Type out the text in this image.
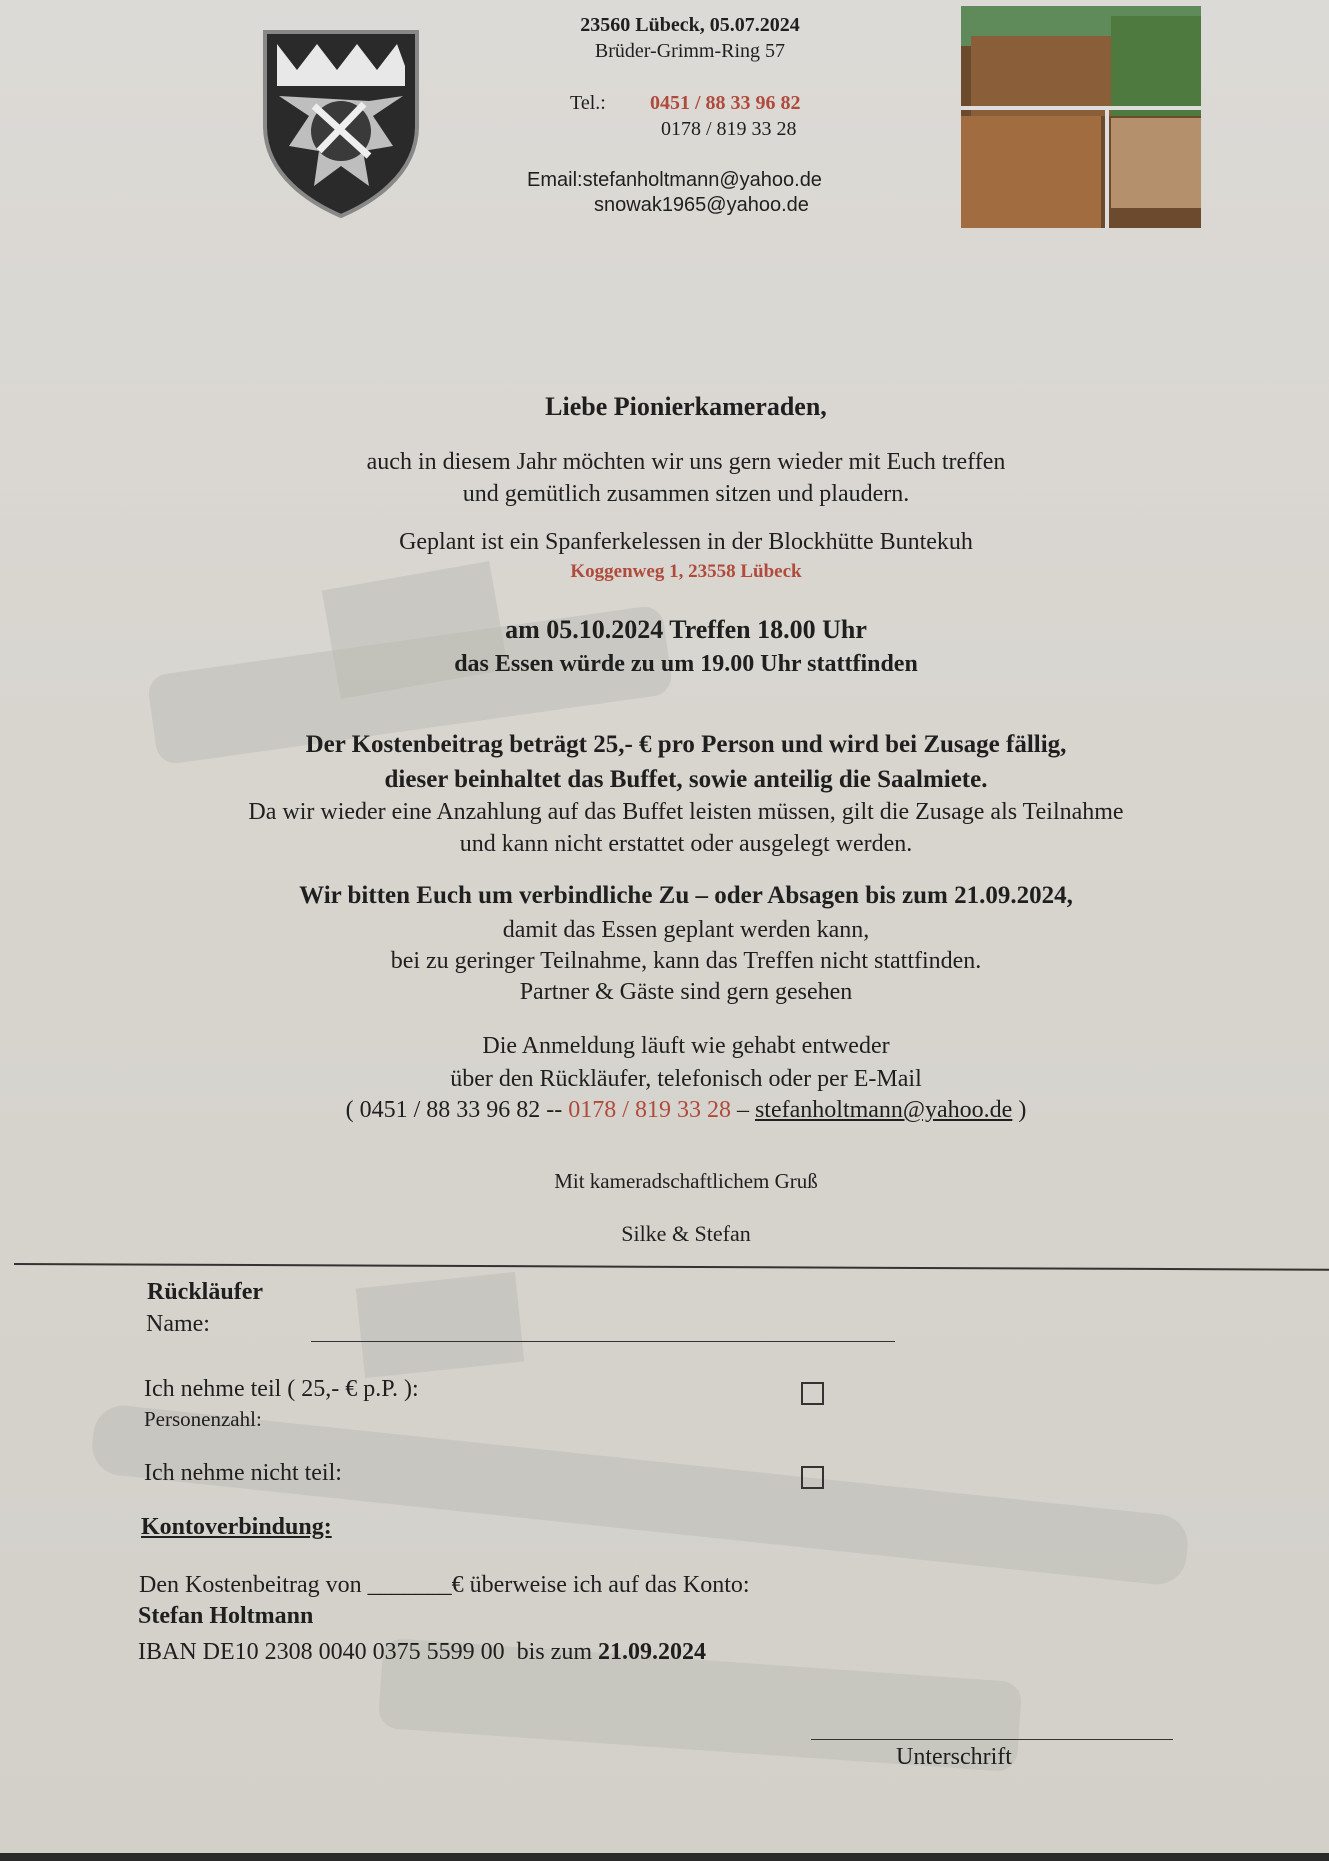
23560 Lübeck, 05.07.2024
Brüder-Grimm-Ring 57
Tel.: 0451 / 88 33 96 82
0178 / 819 33 28
Email:stefanholtmann@yahoo.de
snowak1965@yahoo.de
Liebe Pionierkameraden,
auch in diesem Jahr möchten wir uns gern wieder mit Euch treffen
und gemütlich zusammen sitzen und plaudern.
Geplant ist ein Spanferkelessen in der Blockhütte Buntekuh
Koggenweg 1, 23558 Lübeck
am 05.10.2024 Treffen 18.00 Uhr
das Essen würde zu um 19.00 Uhr stattfinden
Der Kostenbeitrag beträgt 25,- € pro Person und wird bei Zusage fällig,
dieser beinhaltet das Buffet, sowie anteilig die Saalmiete.
Da wir wieder eine Anzahlung auf das Buffet leisten müssen, gilt die Zusage als Teilnahme
und kann nicht erstattet oder ausgelegt werden.
Wir bitten Euch um verbindliche Zu – oder Absagen bis zum 21.09.2024,
damit das Essen geplant werden kann,
bei zu geringer Teilnahme, kann das Treffen nicht stattfinden.
Partner & Gäste sind gern gesehen
Die Anmeldung läuft wie gehabt entweder
über den Rückläufer, telefonisch oder per E-Mail
( 0451 / 88 33 96 82 -- 0178 / 819 33 28 – stefanholtmann@yahoo.de )
Mit kameradschaftlichem Gruß
Silke & Stefan
Rückläufer
Name:
Ich nehme teil ( 25,- € p.P. ):
Personenzahl:
Ich nehme nicht teil:
Kontoverbindung:
Den Kostenbeitrag von _______€ überweise ich auf das Konto:
Stefan Holtmann
IBAN DE10 2308 0040 0375 5599 00  bis zum 21.09.2024
Unterschrift
